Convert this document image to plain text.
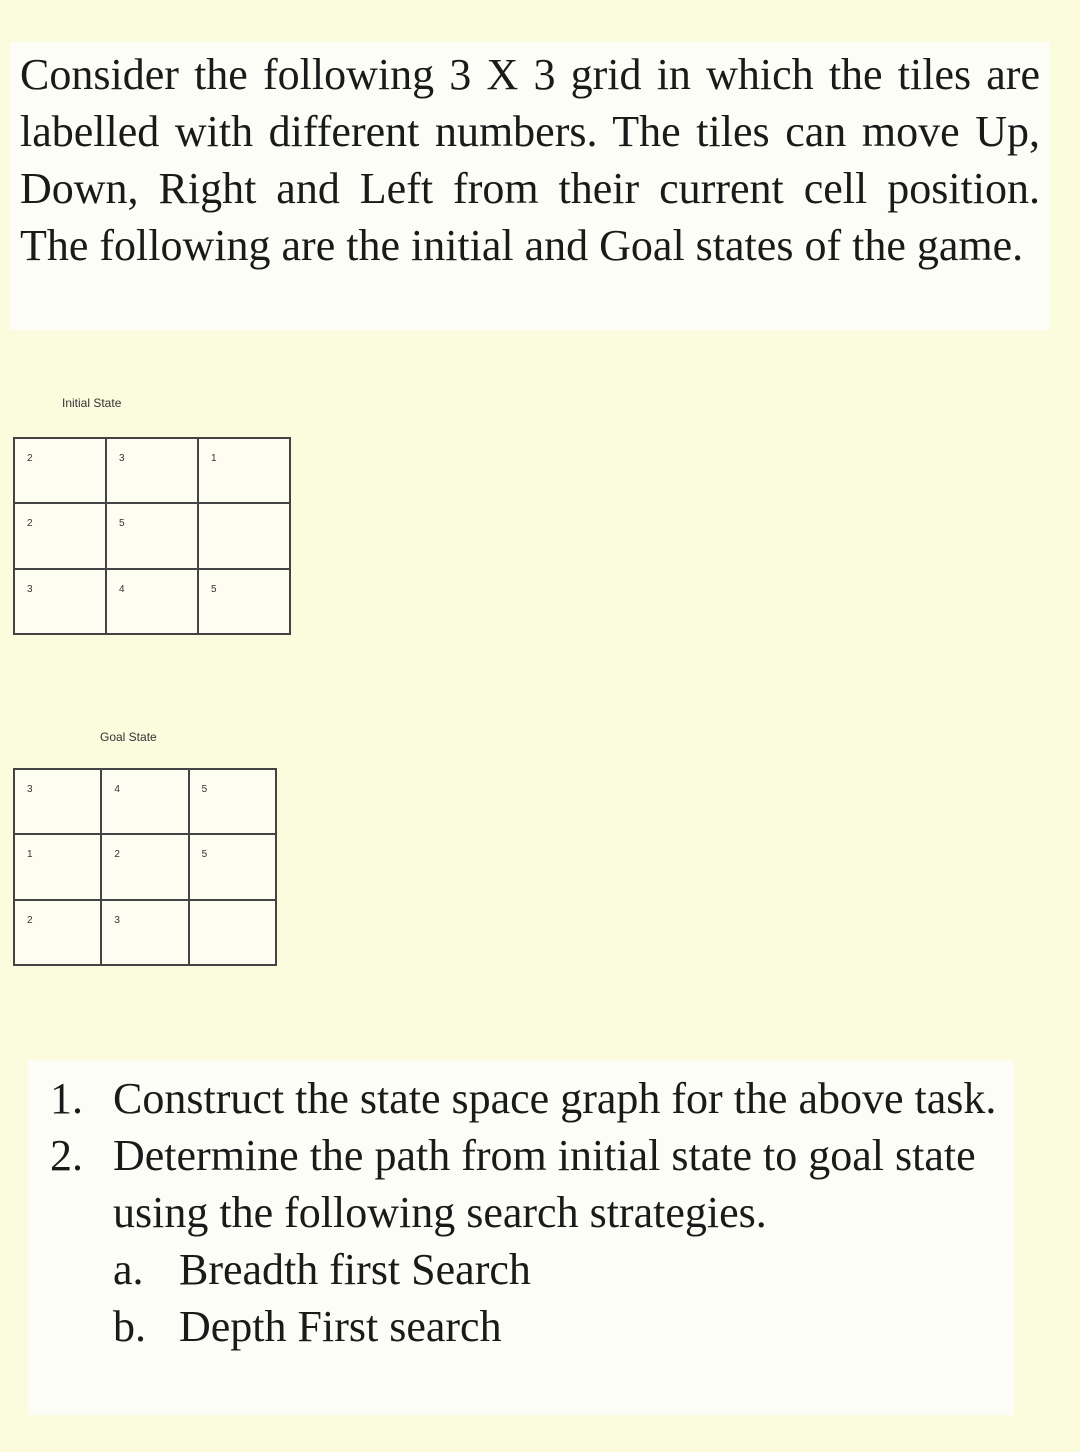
Consider the following 3 X 3 grid in which the tiles are labelled with different numbers. The tiles can move Up, Down, Right and Left from their current cell position. The following are the initial and Goal states of the game.

Initial State
2	3	1

2	5	

3	4	5
Goal State
3	4	5

1	2	5

2	3	

1. Construct the state space graph for the above task.
2. Determine the path from initial state to goal state using the following search strategies.
a. Breadth first Search
b. Depth First search
